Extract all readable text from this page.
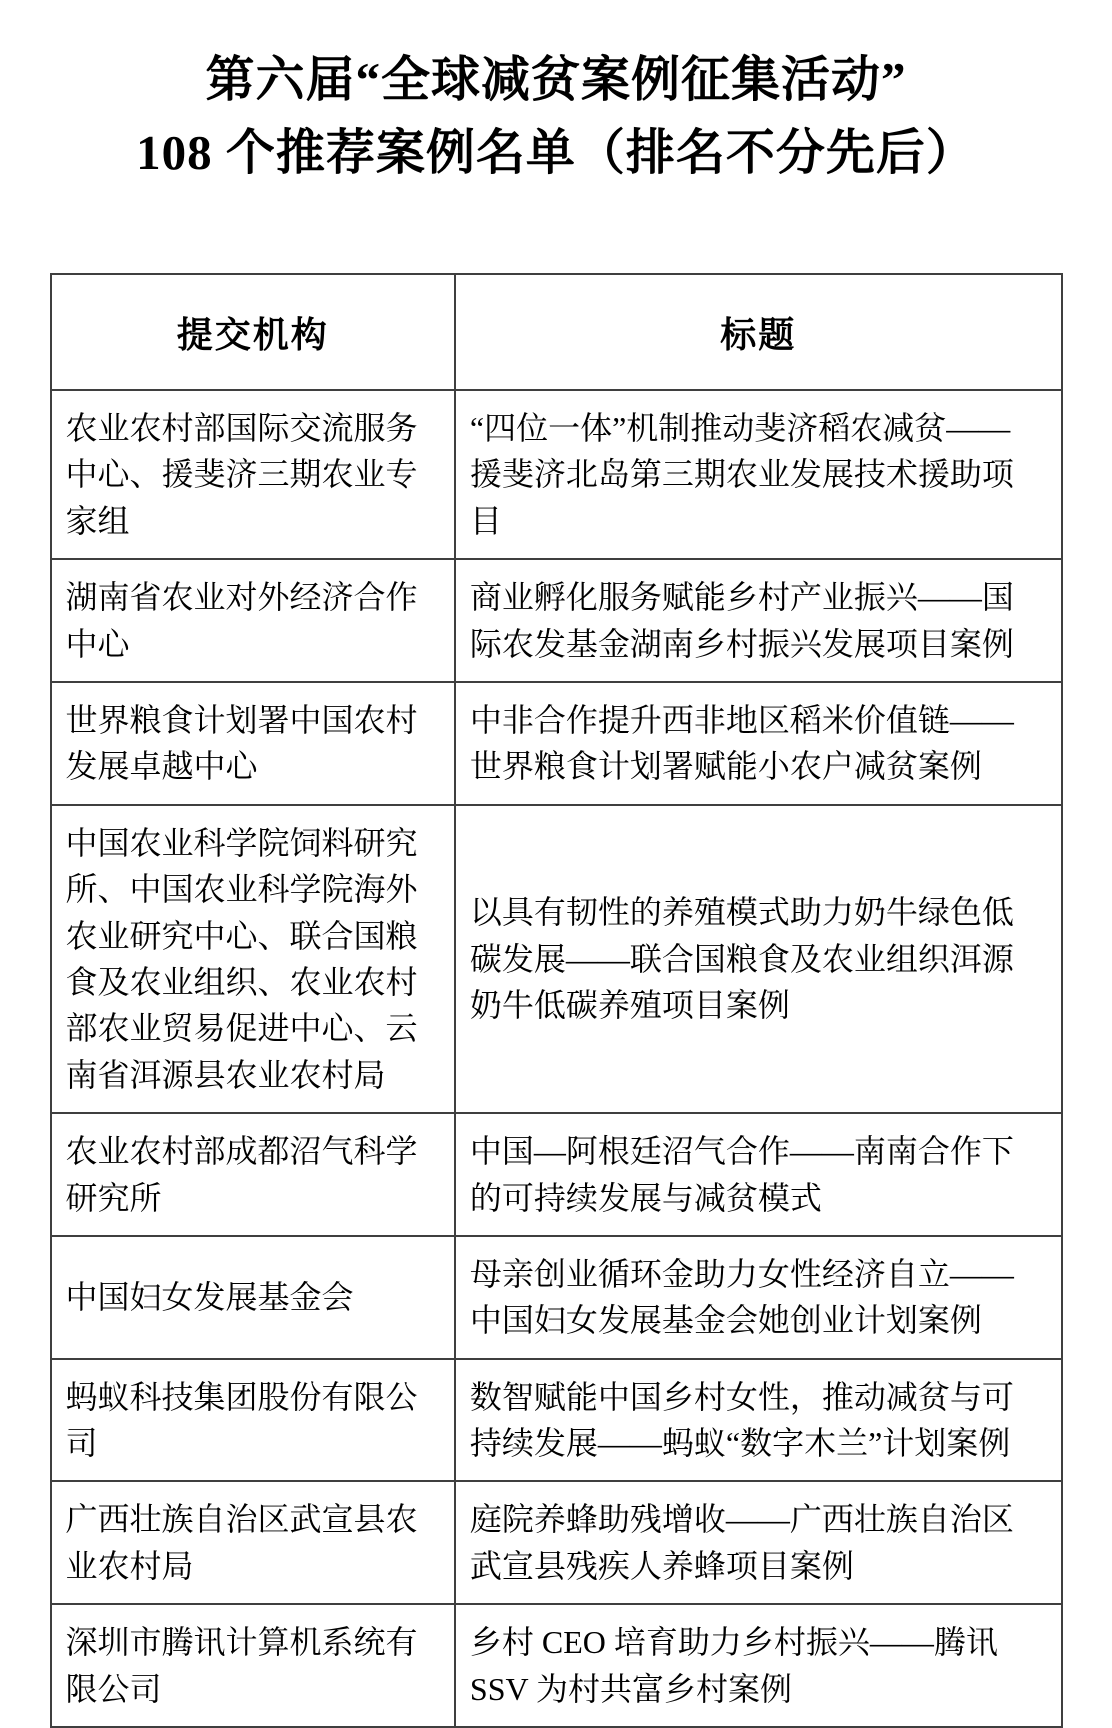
第六届“全球减贫案例征集活动”
108 个推荐案例名单（排名不分先后）
提交机构	标题
农业农村部国际交流服务中心、援斐济三期农业专家组	“四位一体”机制推动斐济稻农减贫——援斐济北岛第三期农业发展技术援助项目
湖南省农业对外经济合作中心	商业孵化服务赋能乡村产业振兴——国际农发基金湖南乡村振兴发展项目案例
世界粮食计划署中国农村发展卓越中心	中非合作提升西非地区稻米价值链——世界粮食计划署赋能小农户减贫案例
中国农业科学院饲料研究所、中国农业科学院海外农业研究中心、联合国粮食及农业组织、农业农村部农业贸易促进中心、云南省洱源县农业农村局	以具有韧性的养殖模式助力奶牛绿色低碳发展——联合国粮食及农业组织洱源奶牛低碳养殖项目案例
农业农村部成都沼气科学研究所	中国—阿根廷沼气合作——南南合作下的可持续发展与减贫模式
中国妇女发展基金会	母亲创业循环金助力女性经济自立——中国妇女发展基金会她创业计划案例
蚂蚁科技集团股份有限公司	数智赋能中国乡村女性，推动减贫与可持续发展——蚂蚁“数字木兰”计划案例
广西壮族自治区武宣县农业农村局	庭院养蜂助残增收——广西壮族自治区武宣县残疾人养蜂项目案例
深圳市腾讯计算机系统有限公司	乡村 CEO 培育助力乡村振兴——腾讯 SSV 为村共富乡村案例
